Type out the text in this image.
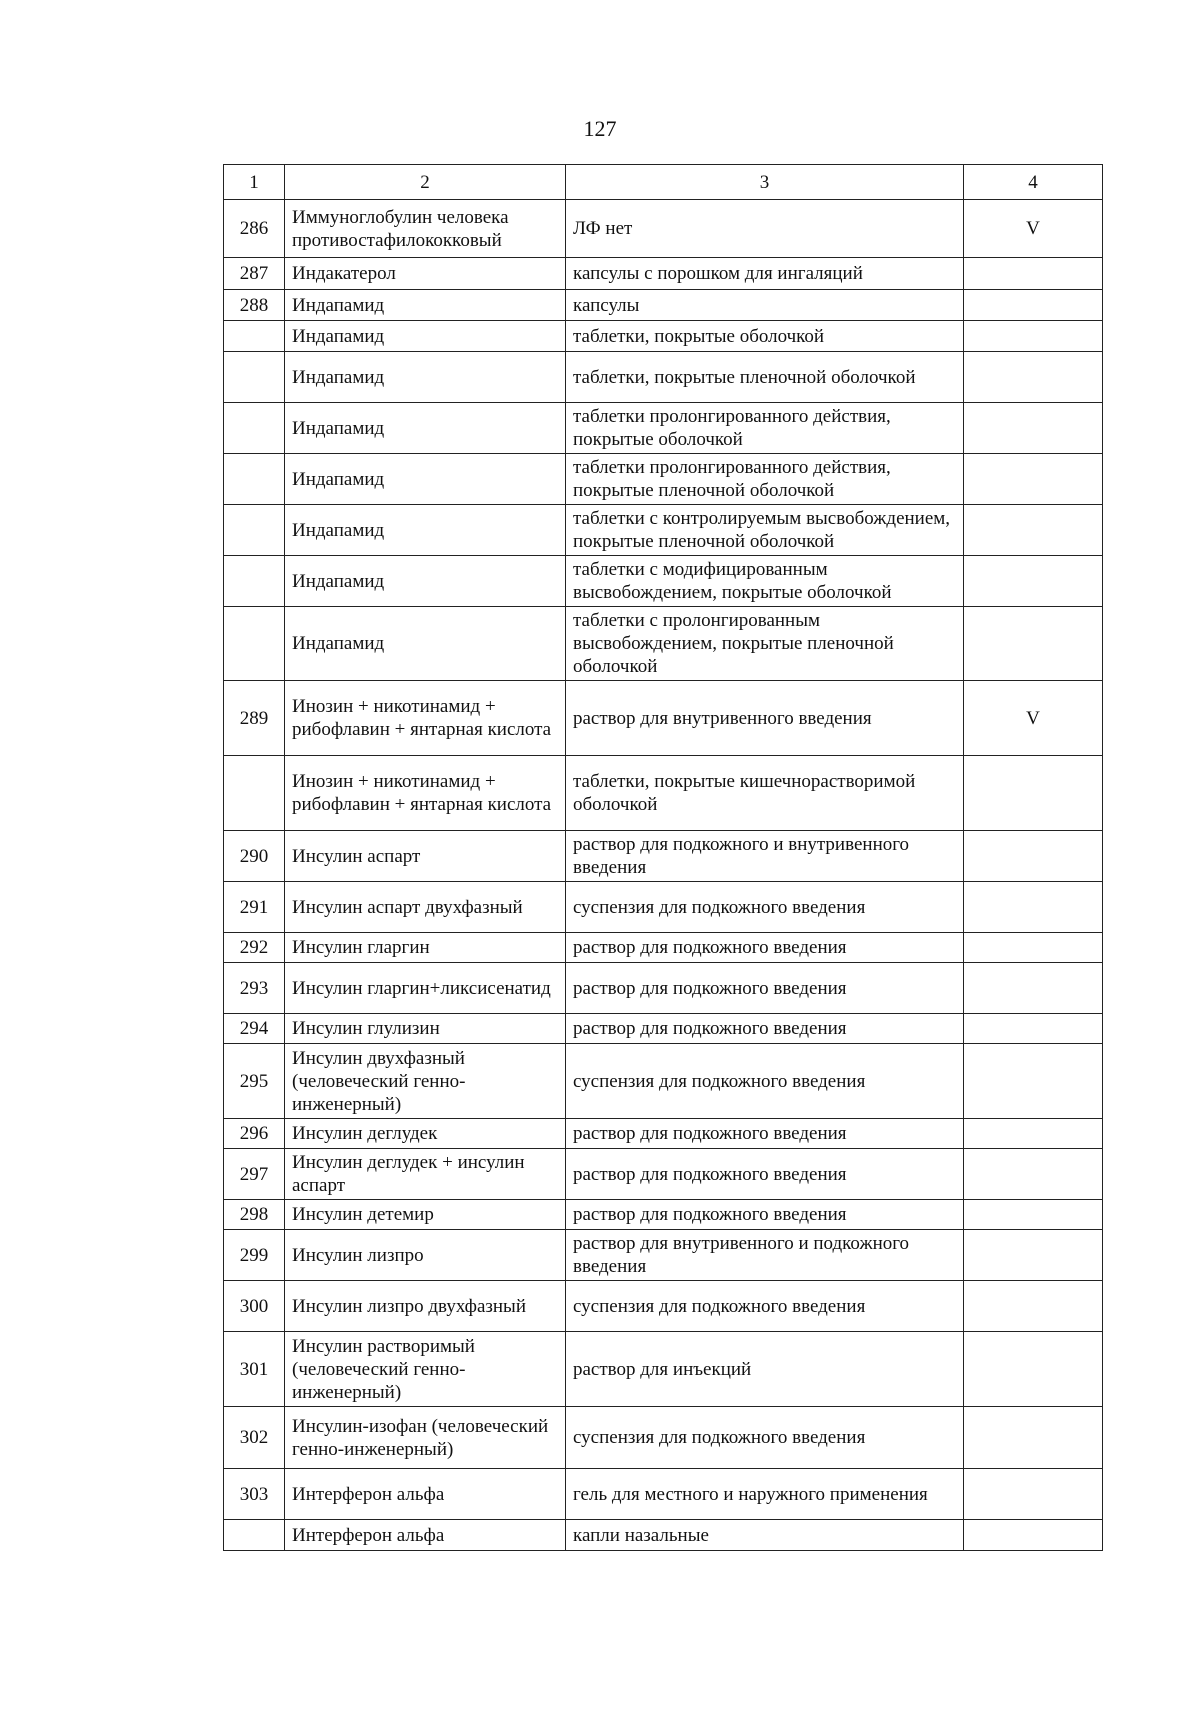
127
1	2	3	4
286	Иммуноглобулин человека противостафилококковый	ЛФ нет	V
287	Индакатерол	капсулы с порошком для ингаляций	
288	Индапамид	капсулы	
	Индапамид	таблетки, покрытые оболочкой	
	Индапамид	таблетки, покрытые пленочной оболочкой	
	Индапамид	таблетки пролонгированного действия, покрытые оболочкой	
	Индапамид	таблетки пролонгированного действия, покрытые пленочной оболочкой	
	Индапамид	таблетки с контролируемым высвобождением, покрытые пленочной оболочкой	
	Индапамид	таблетки с модифицированным высвобождением, покрытые оболочкой	
	Индапамид	таблетки с пролонгированным высвобождением, покрытые пленочной оболочкой	
289	Инозин + никотинамид + рибофлавин + янтарная кислота	раствор для внутривенного введения	V
	Инозин + никотинамид + рибофлавин + янтарная кислота	таблетки, покрытые кишечнорастворимой оболочкой	
290	Инсулин аспарт	раствор для подкожного и внутривенного введения	
291	Инсулин аспарт двухфазный	суспензия для подкожного введения	
292	Инсулин гларгин	раствор для подкожного введения	
293	Инсулин гларгин+ликсисенатид	раствор для подкожного введения	
294	Инсулин глулизин	раствор для подкожного введения	
295	Инсулин двухфазный (человеческий генно-инженерный)	суспензия для подкожного введения	
296	Инсулин деглудек	раствор для подкожного введения	
297	Инсулин деглудек + инсулин аспарт	раствор для подкожного введения	
298	Инсулин детемир	раствор для подкожного введения	
299	Инсулин лизпро	раствор для внутривенного и подкожного введения	
300	Инсулин лизпро двухфазный	суспензия для подкожного введения	
301	Инсулин растворимый (человеческий генно-инженерный)	раствор для инъекций	
302	Инсулин-изофан (человеческий генно-инженерный)	суспензия для подкожного введения	
303	Интерферон альфа	гель для местного и наружного применения	
	Интерферон альфа	капли назальные	
